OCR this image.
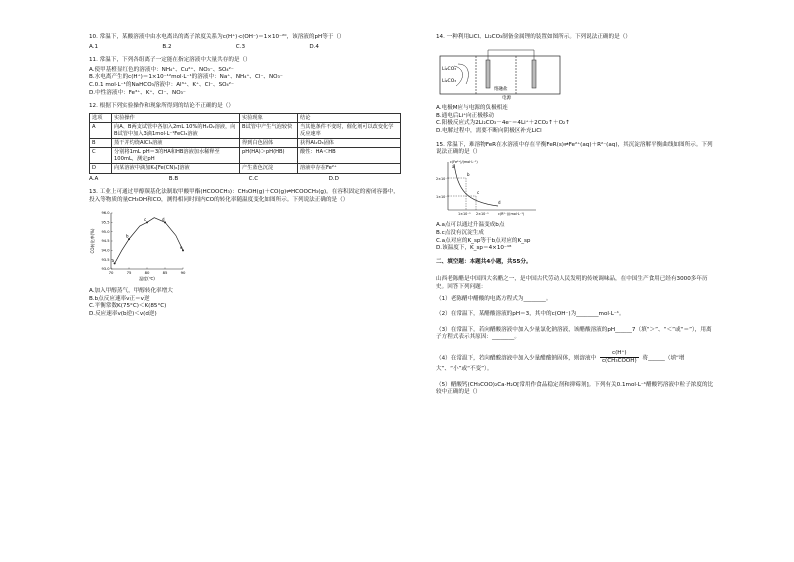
10. 常温下，某酸溶液中由水电离出的离子浓度关系为c(H⁺)·c(OH⁻)＝1×10⁻²⁰，该溶液的pH等于（）
A.1	B.2	C.3	D.4
11. 常温下，下列各组离子一定能在指定溶液中大量共存的是（）
A.使甲基橙显红色的溶液中：NH₄⁺、Cu²⁺、NO₃⁻、SO₄²⁻
B.水电离产生的c(H⁺)＝1×10⁻¹²mol·L⁻¹的溶液中：Na⁺、NH₄⁺、Cl⁻、NO₃⁻
C.0.1 mol·L⁻¹的NaHCO₃溶液中：Al³⁺、K⁺、Cl⁻、SO₄²⁻
D.中性溶液中：Fe³⁺、K⁺、Cl⁻、NO₃⁻
12. 根据下列实验操作和现象所得到的结论不正确的是（）
选项	实验操作	实验现象	结论
A	向A、B两支试管中各加入2mL 10%的H₂O₂溶液，向B试管中加入3滴1mol·L⁻¹FeCl₃溶液	B试管中产生气泡较快	当其他条件不变时，催化剂可以改变化学反应速率
B	蒸干并灼烧AlCl₃溶液	得到白色固体	获得Al₂O₃固体
C	分别将1mL pH＝3的HA和HB溶液加水稀释至100mL，测定pH	pH(HA)＞pH(HB)	酸性：HA＜HB
D	向某溶液中滴加K₃[Fe(CN)₆]溶液	产生蓝色沉淀	溶液中存在Fe²⁺
A.A	B.B	C.C	D.D
13. 工业上可通过甲醇羰基化法制取甲酸甲酯(HCOOCH₃)：CH₃OH(g)＋CO(g)⇌HCOOCH₃(g)。在容积固定的密闭容器中，投入等物质的量CH₃OH和CO，测得相同时间内CO的转化率随温度变化如图所示。下列说法正确的是（）
70	75	80	85	90
93.0
93.5
94.0
94.5
95.0
95.5
96.0
a
b
c	d
e
温度(℃)
CO转化率(%)
A.加入甲醇蒸气，甲醇转化率增大
B.b点反应速率v正＝v逆
C.平衡常数K(75°C)＜K(85°C)
D.反应速率v(b逆)＜v(d逆)
14. 一种利用LiCl、Li₂CO₃制备金属锂的装置如图所示。下列说法正确的是（）
Li₂CO₃
Li₂CO₃
熔融盐
电源
A.电极M应与电源的负极相连
B.通电后Li⁺向正极移动
C.阳极反应式为2Li₂CO₃－4e⁻＝4Li⁺＋2CO₂↑＋O₂↑
D.电解过程中，需要不断向阴极区补充LiCl
15. 常温下，难溶物FeR在水溶液中存在平衡FeR(s)⇌Fe²⁺(aq)＋R²⁻(aq)，其沉淀溶解平衡曲线如图所示。下列说法正确的是（）
a
b
c
d
2×10⁻⁹
1×10⁻⁹
1×10⁻⁹ 2×10⁻⁹	c(R²⁻)/(mol·L⁻¹)
c(Fe²⁺)/(mol·L⁻¹)
A.a点可以通过升温变成b点
B.c点没有沉淀生成
C.a点对应的K_sp等于b点对应的K_sp
D.该温度下，K_sp＝4×10⁻¹⁸
二、填空题：本题共4小题，共55分。
山西老陈醋是中国四大名醋之一，是中国古代劳动人民发明的传统调味品，在中国生产食用已经有3000多年历史。回答下列问题：
（1）老陈醋中醋酸的电离方程式为________。
（2）在常温下，某醋酸溶液的pH＝3，其中的c(OH⁻)为________mol·L⁻¹。
（3）在常温下，若向醋酸溶液中加入少量氯化钠溶液，该醋酸溶液的pH______7（填“＞”、“＜”或“＝”），用离子方程式表示其原因：________。
（4）在常温下，若向醋酸溶液中加入少量醋酸钠固体，则溶液中 $\frac{c(H^+)}{\text{c(CH₃COOH)}}$ 将______（填“增大”、“小”或“不变”）。
（5）醋酸钙(CH₃COO)₂Ca·H₂O[常用作食品稳定剂和抑霉剂]。下列有关0.1mol·L⁻¹醋酸钙溶液中粒子浓度的比较中正确的是（）
